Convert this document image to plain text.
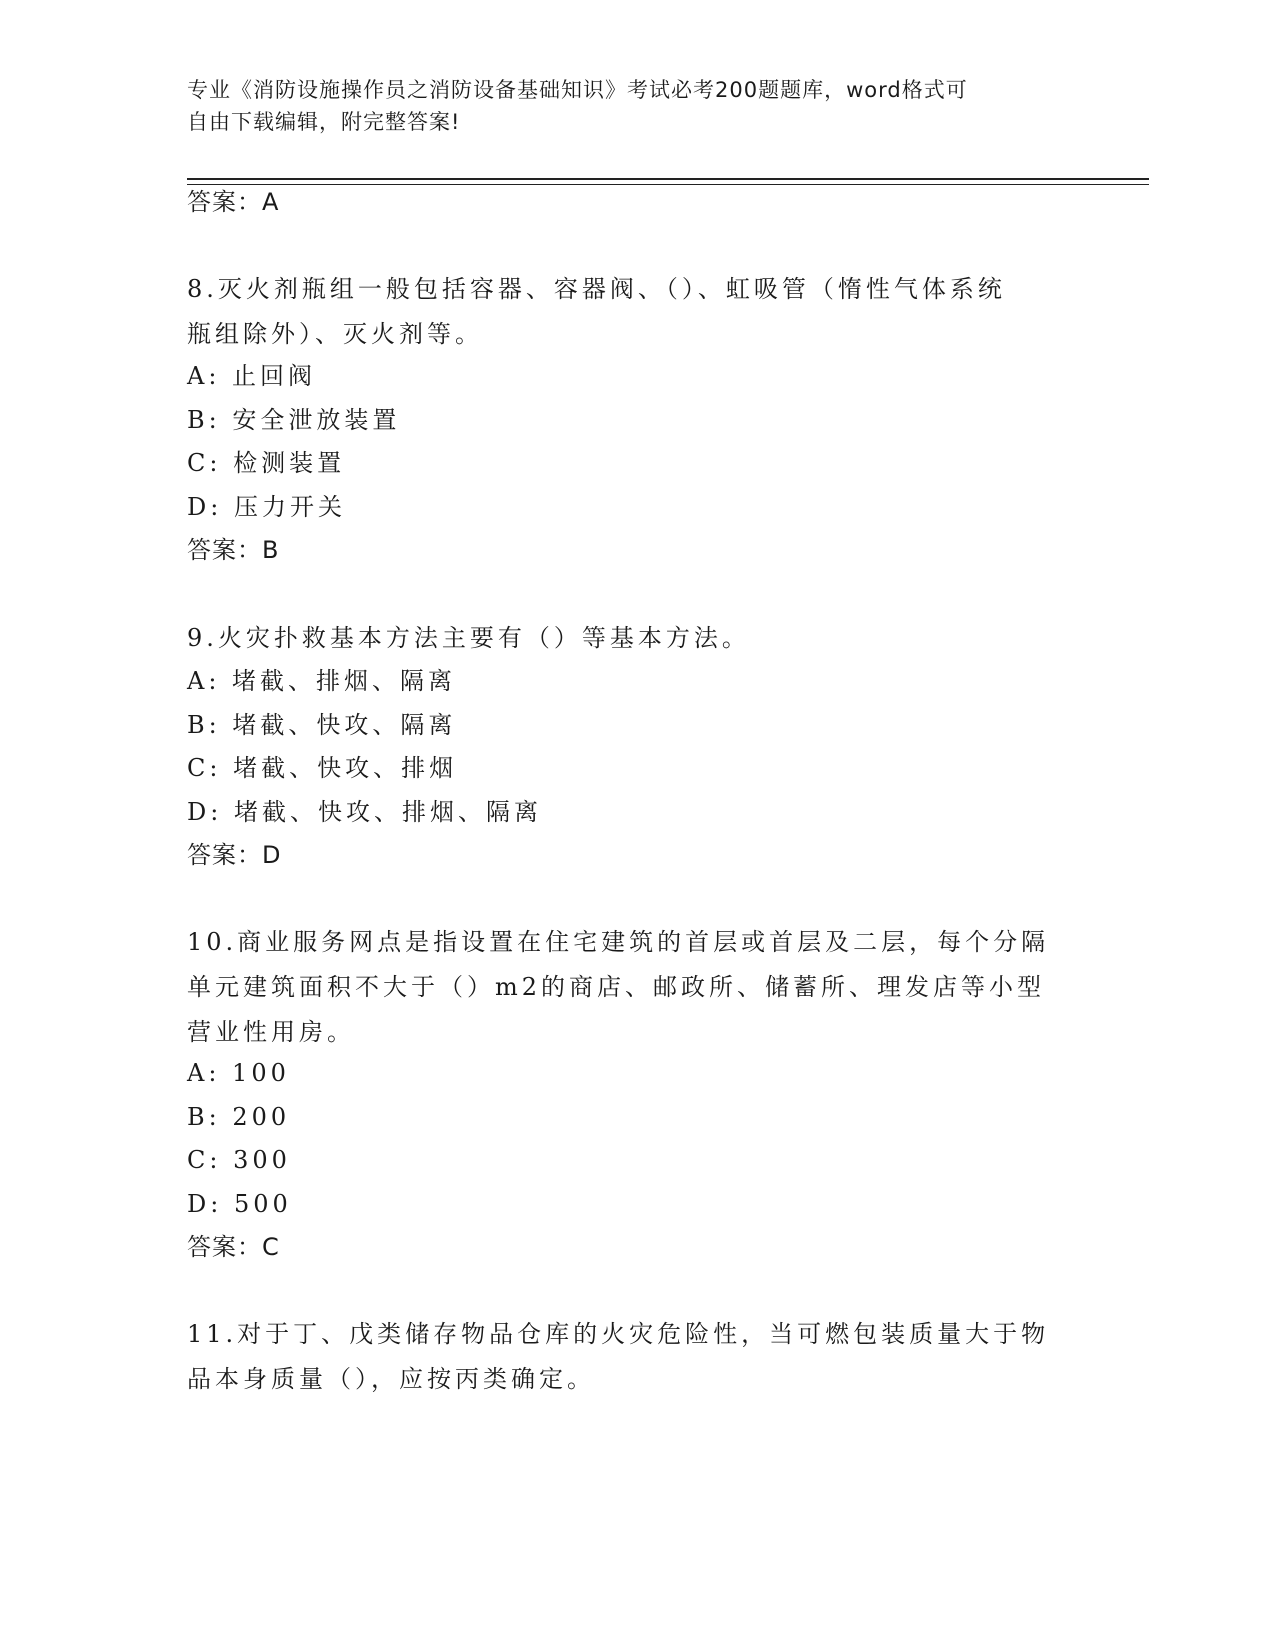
专业《消防设施操作员之消防设备基础知识》考试必考200题题库，word格式可
自由下载编辑，附完整答案!
答案：A
8.灭火剂瓶组一般包括容器、容器阀、（）、虹吸管（惰性气体系统
瓶组除外）、灭火剂等。
A: 止回阀
B: 安全泄放装置
C: 检测装置
D: 压力开关
答案：B
9.火灾扑救基本方法主要有（）等基本方法。
A: 堵截、排烟、隔离
B: 堵截、快攻、隔离
C: 堵截、快攻、排烟
D: 堵截、快攻、排烟、隔离
答案：D
10.商业服务网点是指设置在住宅建筑的首层或首层及二层，每个分隔
单元建筑面积不大于（）m2的商店、邮政所、储蓄所、理发店等小型
营业性用房。
A: 100
B: 200
C: 300
D: 500
答案：C
11.对于丁、戊类储存物品仓库的火灾危险性，当可燃包装质量大于物
品本身质量（），应按丙类确定。
